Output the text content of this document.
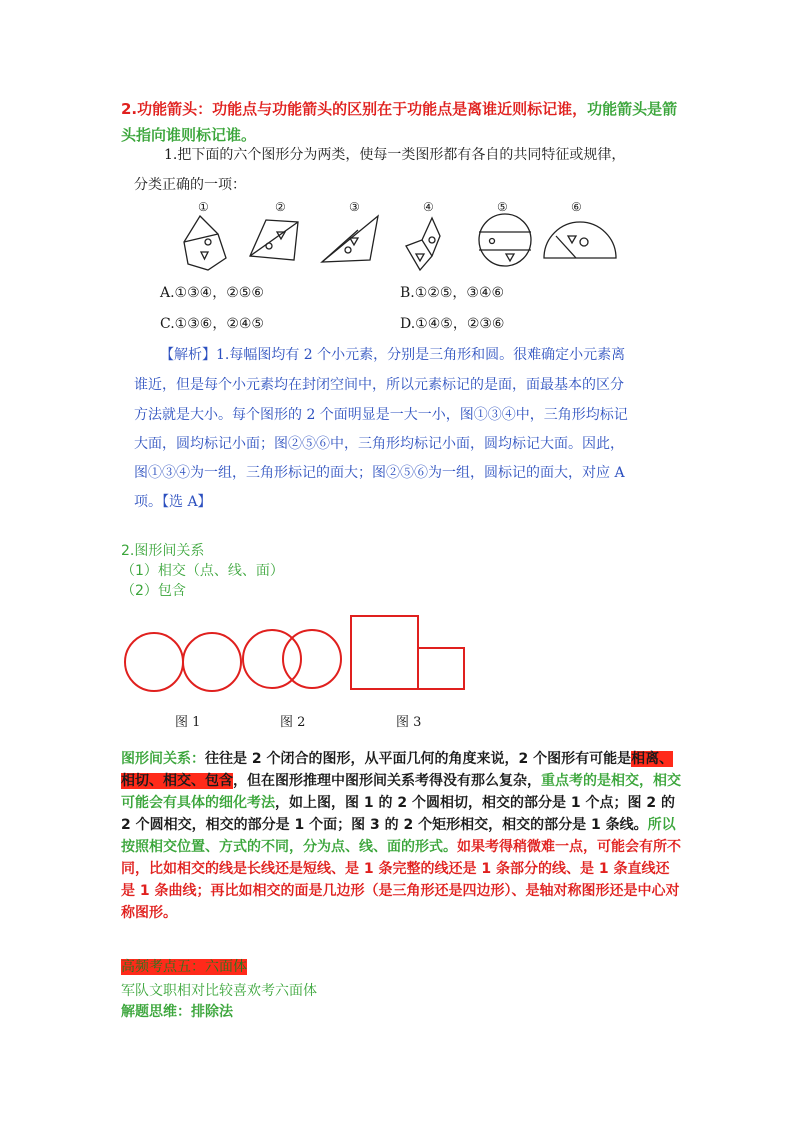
2.功能箭头：功能点与功能箭头的区别在于功能点是离谁近则标记谁，功能箭头是箭头指向谁则标记谁。
1.把下面的六个图形分为两类，使每一类图形都有各自的共同特征或规律，
分类正确的一项：
①	②	③	④	⑤	⑥
A.①③④，②⑤⑥	B.①②⑤，③④⑥
C.①③⑥，②④⑤	D.①④⑤，②③⑥
【解析】1.每幅图均有 2 个小元素，分别是三角形和圆。很难确定小元素离
谁近，但是每个小元素均在封闭空间中，所以元素标记的是面，面最基本的区分
方法就是大小。每个图形的 2 个面明显是一大一小，图①③④中，三角形均标记
大面，圆均标记小面；图②⑤⑥中，三角形均标记小面，圆均标记大面。因此，
图①③④为一组，三角形标记的面大；图②⑤⑥为一组，圆标记的面大，对应 A
项。【选 A】
2.图形间关系
（1）相交（点、线、面）
（2）包含
图 1	图 2	图 3
图形间关系：往往是 2 个闭合的图形，从平面几何的角度来说，2 个图形有可能是相离、相切、相交、包含，但在图形推理中图形间关系考得没有那么复杂，重点考的是相交，相交可能会有具体的细化考法，如上图，图 1 的 2 个圆相切，相交的部分是 1 个点；图 2 的 2 个圆相交，相交的部分是 1 个面；图 3 的 2 个矩形相交，相交的部分是 1 条线。所以按照相交位置、方式的不同，分为点、线、面的形式。如果考得稍微难一点，可能会有所不同，比如相交的线是长线还是短线、是 1 条完整的线还是 1 条部分的线、是 1 条直线还是 1 条曲线；再比如相交的面是几边形（是三角形还是四边形）、是轴对称图形还是中心对称图形。
高频考点五：六面体
军队文职相对比较喜欢考六面体
解题思维：排除法
